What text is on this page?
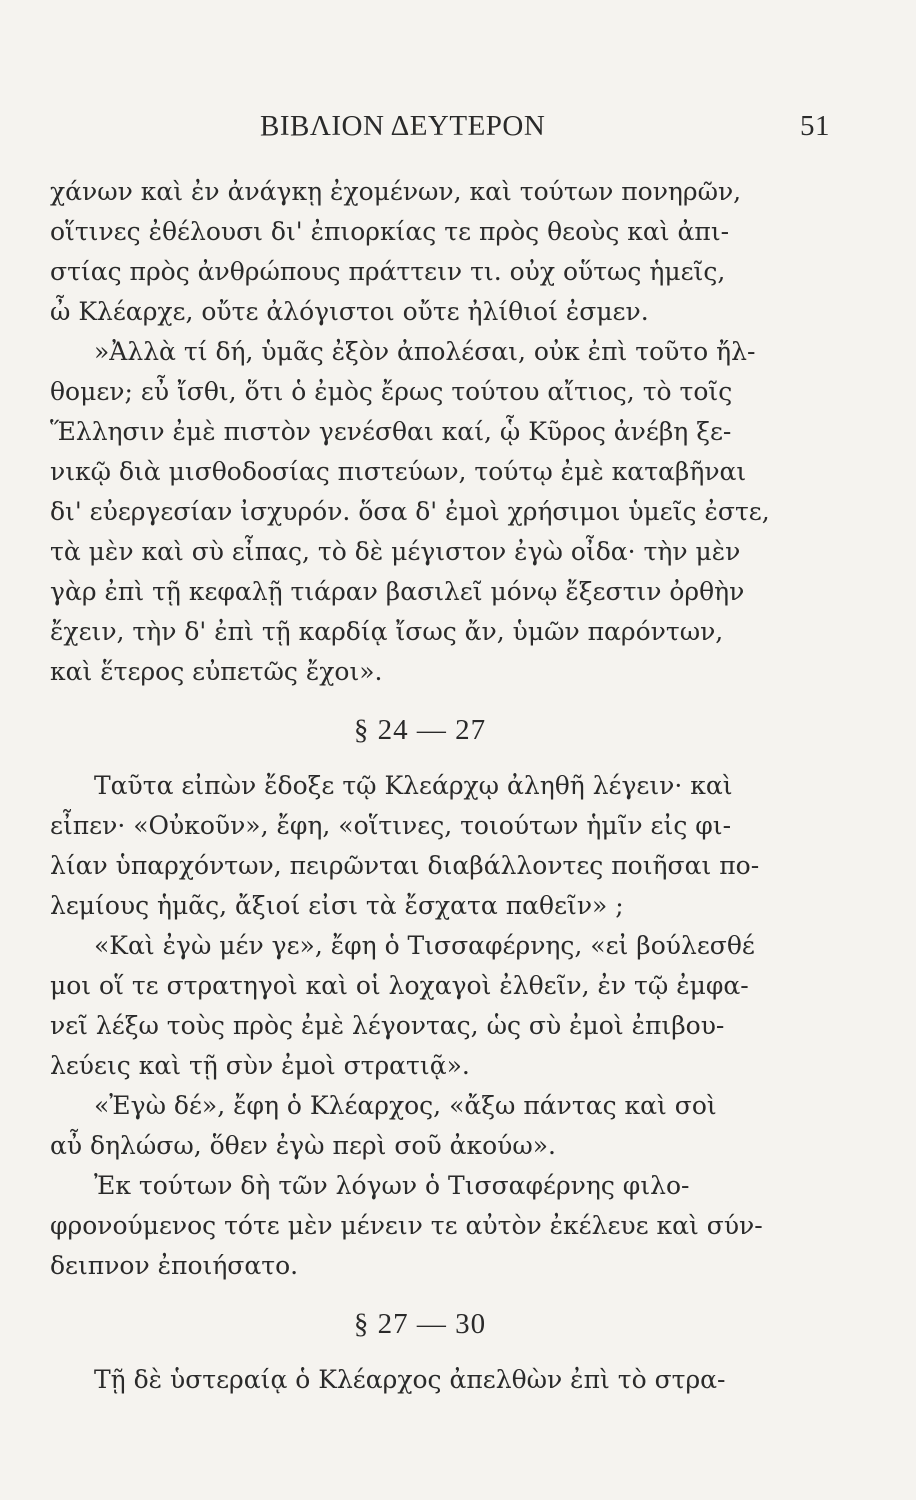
ΒΙΒΛΙΟΝ ΔΕΥΤΕΡΟΝ	51
χάνων καὶ ἐν ἀνάγκῃ ἐχομένων, καὶ τούτων πονηρῶν,
οἵτινες ἐθέλουσι δι' ἐπιορκίας τε πρὸς θεοὺς καὶ ἀπι-
στίας πρὸς ἀνθρώπους πράττειν τι. οὐχ οὕτως ἡμεῖς,
ὦ Κλέαρχε, οὔτε ἀλόγιστοι οὔτε ἠλίθιοί ἐσμεν.
»Ἀλλὰ τί δή, ὑμᾶς ἐξὸν ἀπολέσαι, οὐκ ἐπὶ τοῦτο ἤλ-
θομεν; εὖ ἴσθι, ὅτι ὁ ἐμὸς ἔρως τούτου αἴτιος, τὸ τοῖς
Ἕλλησιν ἐμὲ πιστὸν γενέσθαι καί, ᾧ Κῦρος ἀνέβη ξε-
νικῷ διὰ μισθοδοσίας πιστεύων, τούτῳ ἐμὲ καταβῆναι
δι' εὐεργεσίαν ἰσχυρόν. ὅσα δ' ἐμοὶ χρήσιμοι ὑμεῖς ἐστε,
τὰ μὲν καὶ σὺ εἶπας, τὸ δὲ μέγιστον ἐγὼ οἶδα· τὴν μὲν
γὰρ ἐπὶ τῇ κεφαλῇ τιάραν βασιλεῖ μόνῳ ἔξεστιν ὀρθὴν
ἔχειν, τὴν δ' ἐπὶ τῇ καρδίᾳ ἴσως ἄν, ὑμῶν παρόντων,
καὶ ἕτερος εὐπετῶς ἔχοι».
§ 24 — 27
Ταῦτα εἰπὼν ἔδοξε τῷ Κλεάρχῳ ἀληθῆ λέγειν· καὶ
εἶπεν· «Οὐκοῦν», ἔφη, «οἵτινες, τοιούτων ἡμῖν εἰς φι-
λίαν ὑπαρχόντων, πειρῶνται διαβάλλοντες ποιῆσαι πο-
λεμίους ἡμᾶς, ἄξιοί εἰσι τὰ ἔσχατα παθεῖν» ;
«Καὶ ἐγὼ μέν γε», ἔφη ὁ Τισσαφέρνης, «εἰ βούλεσθέ
μοι οἵ τε στρατηγοὶ καὶ οἱ λοχαγοὶ ἐλθεῖν, ἐν τῷ ἐμφα-
νεῖ λέξω τοὺς πρὸς ἐμὲ λέγοντας, ὡς σὺ ἐμοὶ ἐπιβου-
λεύεις καὶ τῇ σὺν ἐμοὶ στρατιᾷ».
«Ἐγὼ δέ», ἔφη ὁ Κλέαρχος, «ἄξω πάντας καὶ σοὶ
αὖ δηλώσω, ὅθεν ἐγὼ περὶ σοῦ ἀκούω».
Ἐκ τούτων δὴ τῶν λόγων ὁ Τισσαφέρνης φιλο-
φρονούμενος τότε μὲν μένειν τε αὐτὸν ἐκέλευε καὶ σύν-
δειπνον ἐποιήσατο.
§ 27 — 30
Τῇ δὲ ὑστεραίᾳ ὁ Κλέαρχος ἀπελθὼν ἐπὶ τὸ στρα-
